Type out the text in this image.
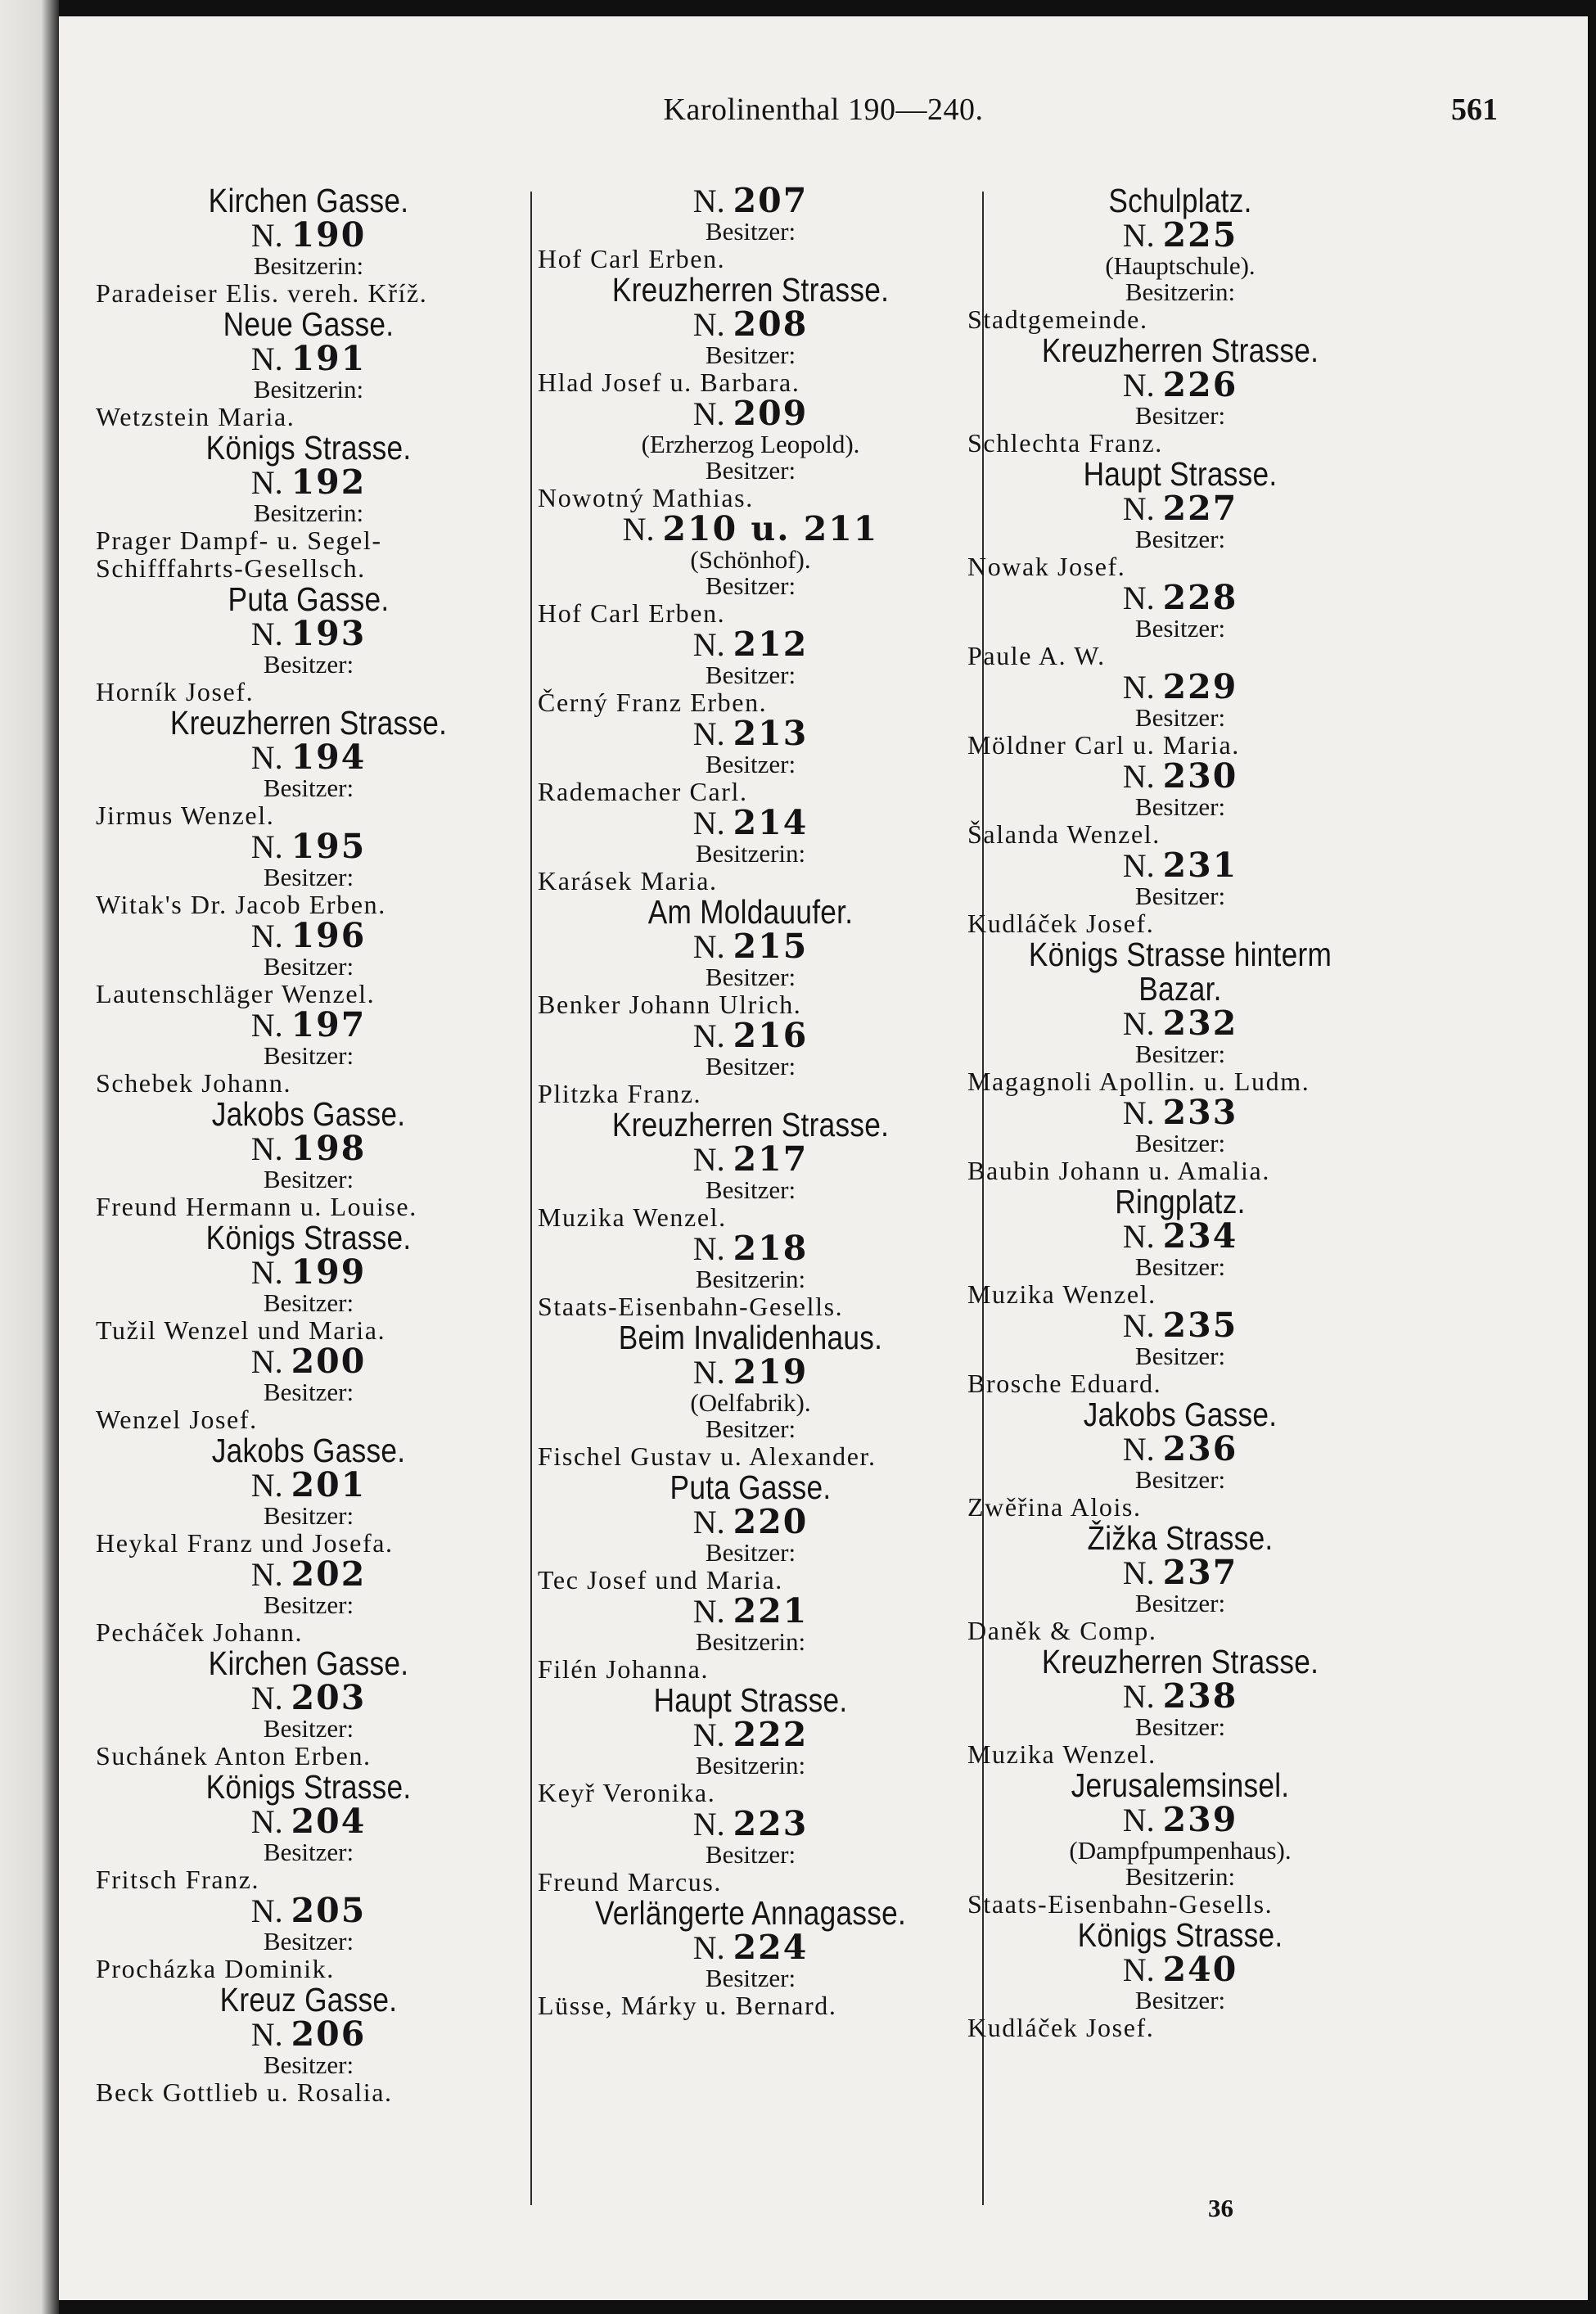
Karolinenthal 190—240.	561
Kirchen Gasse.
N. 190
Besitzerin:
Paradeiser Elis. vereh. Kříž.
Neue Gasse.
N. 191
Besitzerin:
Wetzstein Maria.
Königs Strasse.
N. 192
Besitzerin:
Prager Dampf- u. Segel-
Schifffahrts-Gesellsch.
Puta Gasse.
N. 193
Besitzer:
Horník Josef.
Kreuzherren Strasse.
N. 194
Besitzer:
Jirmus Wenzel.
N. 195
Besitzer:
Witak's Dr. Jacob Erben.
N. 196
Besitzer:
Lautenschläger Wenzel.
N. 197
Besitzer:
Schebek Johann.
Jakobs Gasse.
N. 198
Besitzer:
Freund Hermann u. Louise.
Königs Strasse.
N. 199
Besitzer:
Tužil Wenzel und Maria.
N. 200
Besitzer:
Wenzel Josef.
Jakobs Gasse.
N. 201
Besitzer:
Heykal Franz und Josefa.
N. 202
Besitzer:
Pecháček Johann.
Kirchen Gasse.
N. 203
Besitzer:
Suchánek Anton Erben.
Königs Strasse.
N. 204
Besitzer:
Fritsch Franz.
N. 205
Besitzer:
Procházka Dominik.
Kreuz Gasse.
N. 206
Besitzer:
Beck Gottlieb u. Rosalia.
N. 207
Besitzer:
Hof Carl Erben.
Kreuzherren Strasse.
N. 208
Besitzer:
Hlad Josef u. Barbara.
N. 209
(Erzherzog Leopold).
Besitzer:
Nowotný Mathias.
N. 210 u. 211
(Schönhof).
Besitzer:
Hof Carl Erben.
N. 212
Besitzer:
Černý Franz Erben.
N. 213
Besitzer:
Rademacher Carl.
N. 214
Besitzerin:
Karásek Maria.
Am Moldauufer.
N. 215
Besitzer:
Benker Johann Ulrich.
N. 216
Besitzer:
Plitzka Franz.
Kreuzherren Strasse.
N. 217
Besitzer:
Muzika Wenzel.
N. 218
Besitzerin:
Staats-Eisenbahn-Gesells.
Beim Invalidenhaus.
N. 219
(Oelfabrik).
Besitzer:
Fischel Gustav u. Alexander.
Puta Gasse.
N. 220
Besitzer:
Tec Josef und Maria.
N. 221
Besitzerin:
Filén Johanna.
Haupt Strasse.
N. 222
Besitzerin:
Keyř Veronika.
N. 223
Besitzer:
Freund Marcus.
Verlängerte Annagasse.
N. 224
Besitzer:
Lüsse, Márky u. Bernard.
Schulplatz.
N. 225
(Hauptschule).
Besitzerin:
Stadtgemeinde.
Kreuzherren Strasse.
N. 226
Besitzer:
Schlechta Franz.
Haupt Strasse.
N. 227
Besitzer:
Nowak Josef.
N. 228
Besitzer:
Paule A. W.
N. 229
Besitzer:
Möldner Carl u. Maria.
N. 230
Besitzer:
Šalanda Wenzel.
N. 231
Besitzer:
Kudláček Josef.
Königs Strasse hinterm
Bazar.
N. 232
Besitzer:
Magagnoli Apollin. u. Ludm.
N. 233
Besitzer:
Baubin Johann u. Amalia.
Ringplatz.
N. 234
Besitzer:
Muzika Wenzel.
N. 235
Besitzer:
Brosche Eduard.
Jakobs Gasse.
N. 236
Besitzer:
Zwěřina Alois.
Žižka Strasse.
N. 237
Besitzer:
Daněk & Comp.
Kreuzherren Strasse.
N. 238
Besitzer:
Muzika Wenzel.
Jerusalemsinsel.
N. 239
(Dampfpumpenhaus).
Besitzerin:
Staats-Eisenbahn-Gesells.
Königs Strasse.
N. 240
Besitzer:
Kudláček Josef.
36
